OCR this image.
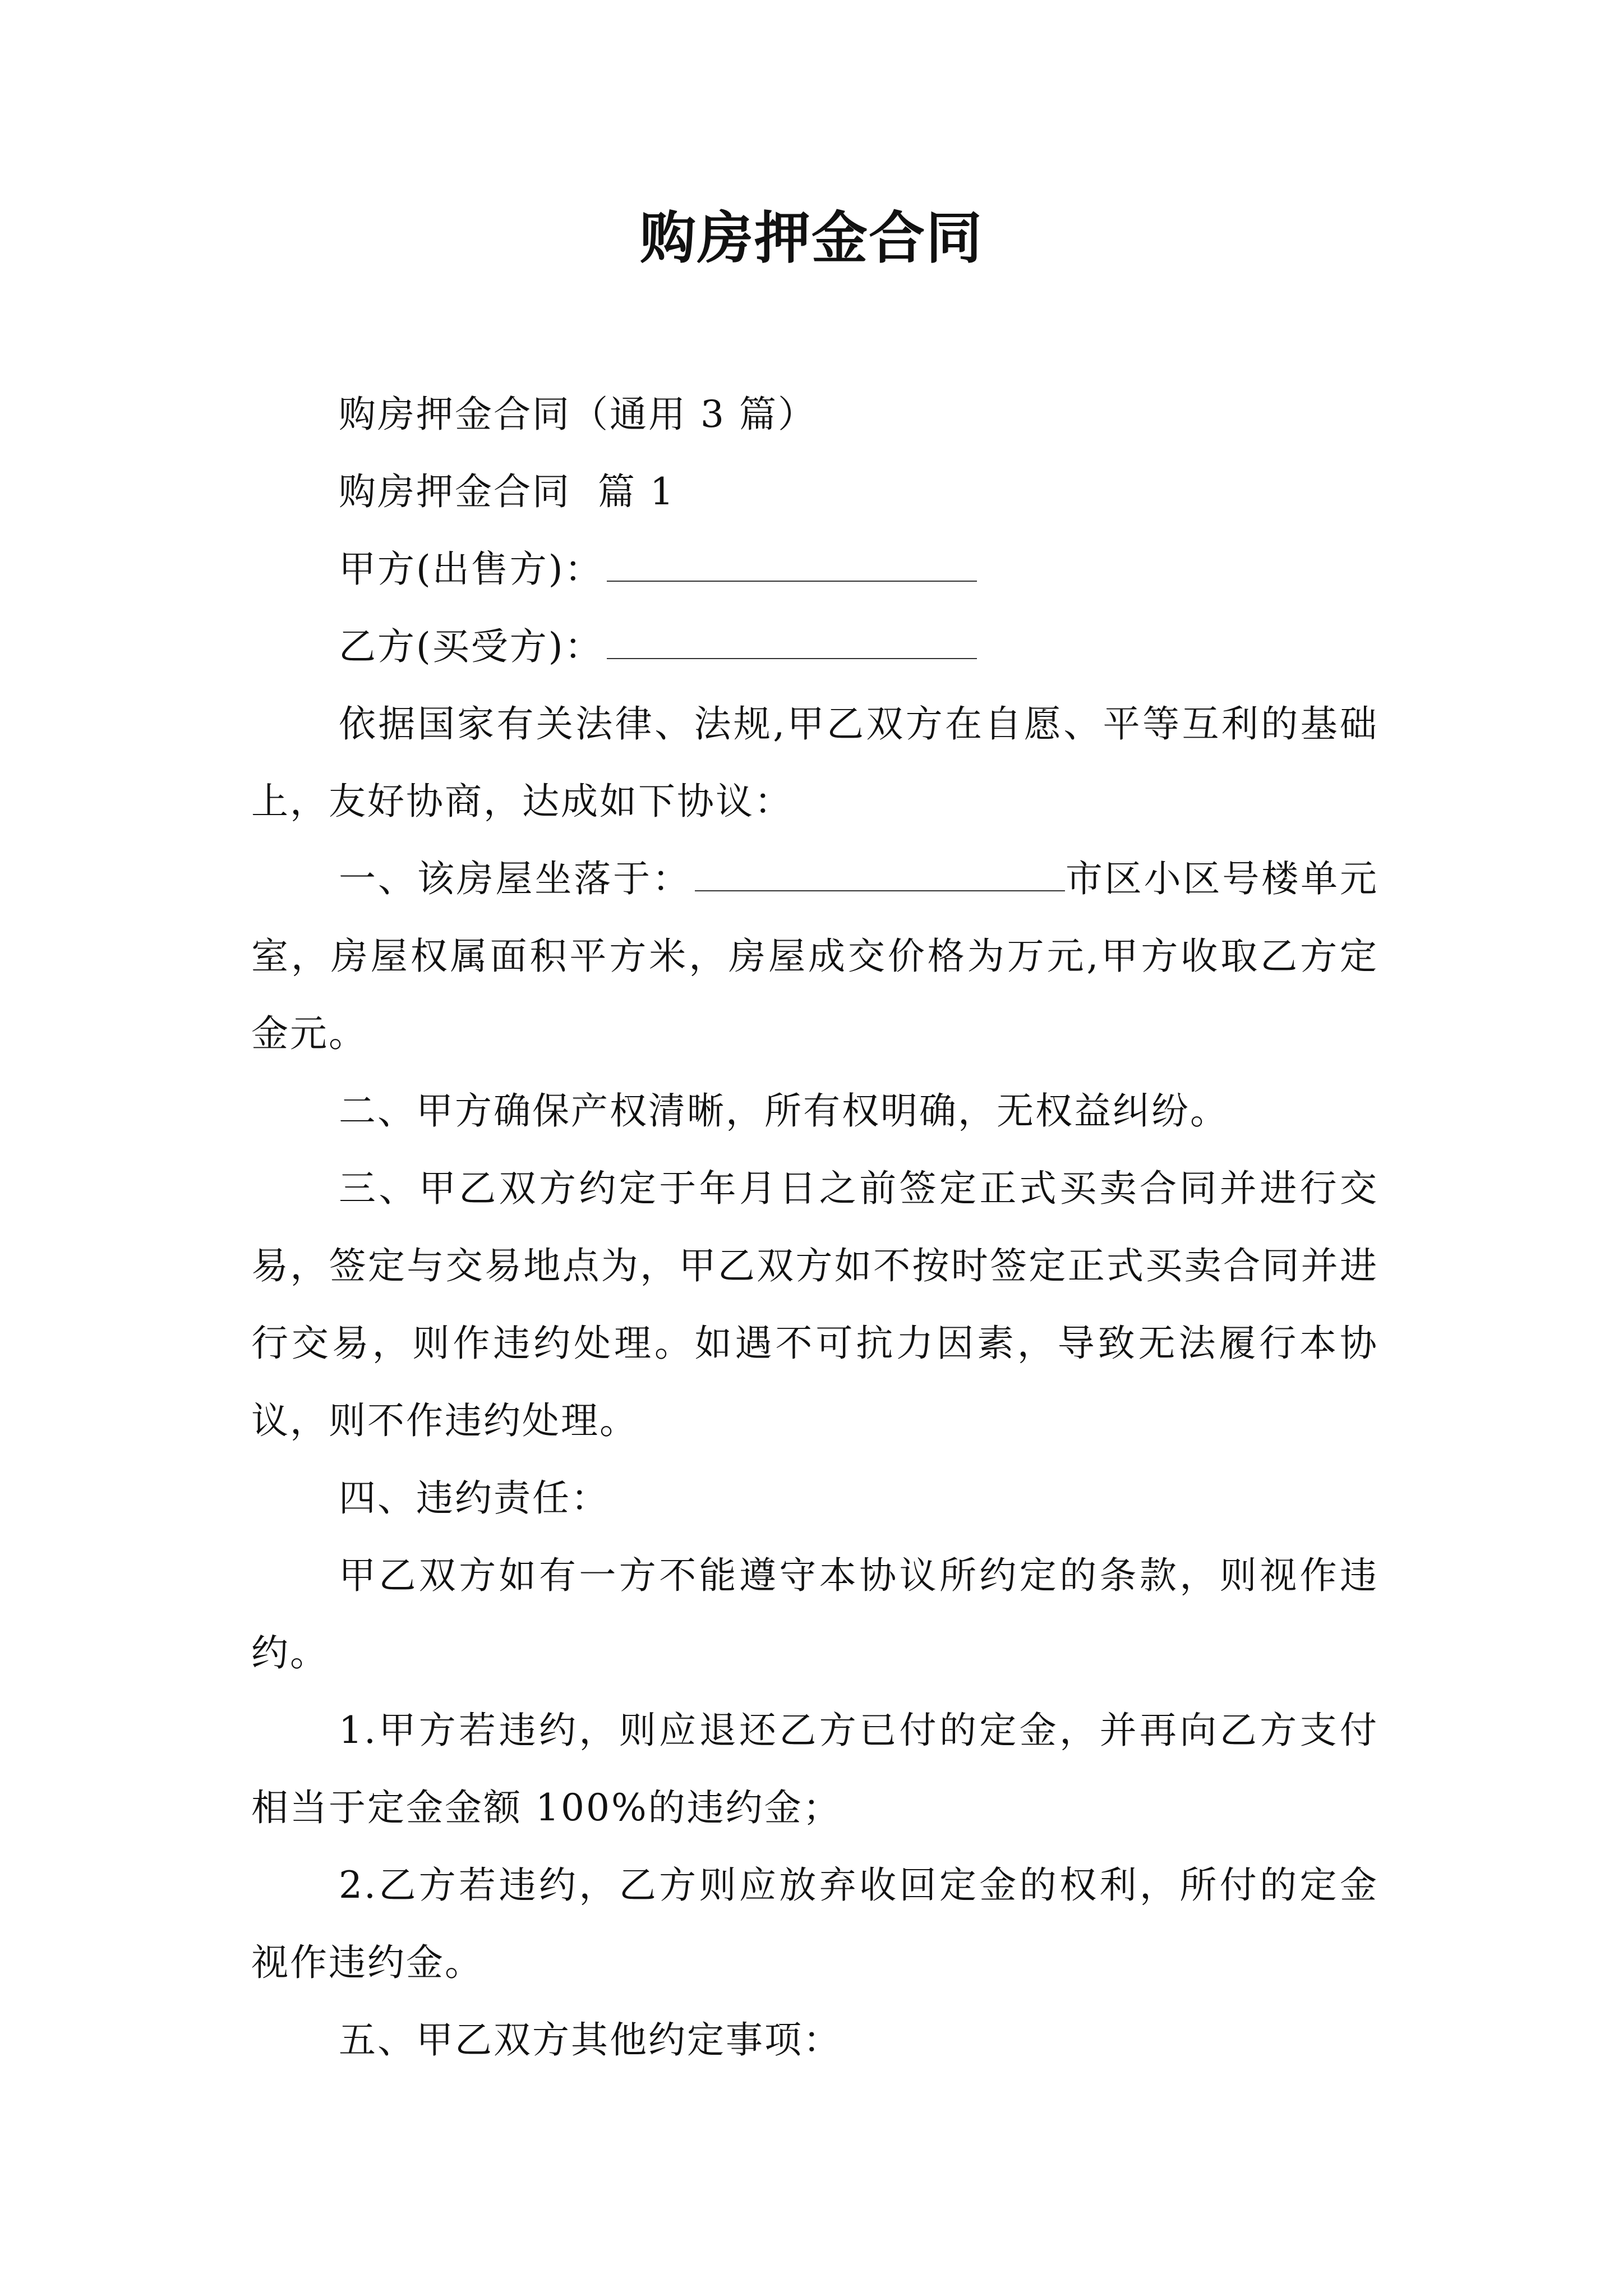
购房押金合同

购房押金合同（通用 3 篇）

购房押金合同  篇 1

甲方(出售方)：

乙方(买受方)：

依据国家有关法律、法规,甲乙双方在自愿、平等互利的基础上，友好协商，达成如下协议：

一、该房屋坐落于：	市区小区号楼单元室，房屋权属面积平方米，房屋成交价格为万元,甲方收取乙方定金元。

二、甲方确保产权清晰，所有权明确，无权益纠纷。

三、甲乙双方约定于年月日之前签定正式买卖合同并进行交易，签定与交易地点为，甲乙双方如不按时签定正式买卖合同并进行交易，则作违约处理。如遇不可抗力因素，导致无法履行本协议，则不作违约处理。

四、违约责任：

甲乙双方如有一方不能遵守本协议所约定的条款，则视作违约。

1.甲方若违约，则应退还乙方已付的定金，并再向乙方支付相当于定金金额 100%的违约金；

2.乙方若违约，乙方则应放弃收回定金的权利，所付的定金视作违约金。

五、甲乙双方其他约定事项：
